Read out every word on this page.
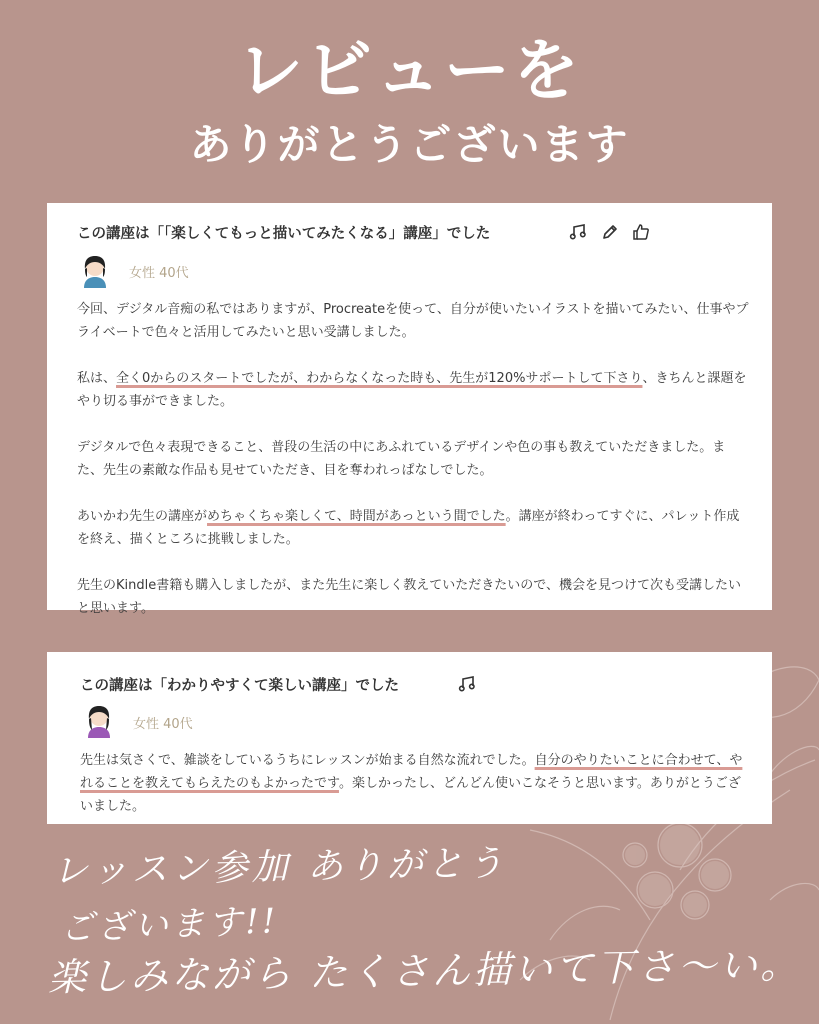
レビューを
ありがとうございます
この講座は「「楽しくてもっと描いてみたくなる」講座」でした
女性 40代

今回、デジタル音痴の私ではありますが、Procreateを使って、自分が使いたいイラストを描いてみたい、仕事やプライベートで色々と活用してみたいと思い受講しました。

私は、全く0からのスタートでしたが、わからなくなった時も、先生が120%サポートして下さり、きちんと課題をやり切る事ができました。

デジタルで色々表現できること、普段の生活の中にあふれているデザインや色の事も教えていただきました。また、先生の素敵な作品も見せていただき、目を奪われっぱなしでした。

あいかわ先生の講座がめちゃくちゃ楽しくて、時間があっという間でした。講座が終わってすぐに、パレット作成を終え、描くところに挑戦しました。

先生のKindle書籍も購入しましたが、また先生に楽しく教えていただきたいので、機会を見つけて次も受講したいと思います。

この講座は「わかりやすくて楽しい講座」でした
女性 40代

先生は気さくで、雑談をしているうちにレッスンが始まる自然な流れでした。自分のやりたいことに合わせて、やれることを教えてもらえたのもよかったです。楽しかったし、どんどん使いこなそうと思います。ありがとうございました。

レッスン参加 ありがとう
ございます!!
楽しみながら たくさん描いて下さ〜い。
